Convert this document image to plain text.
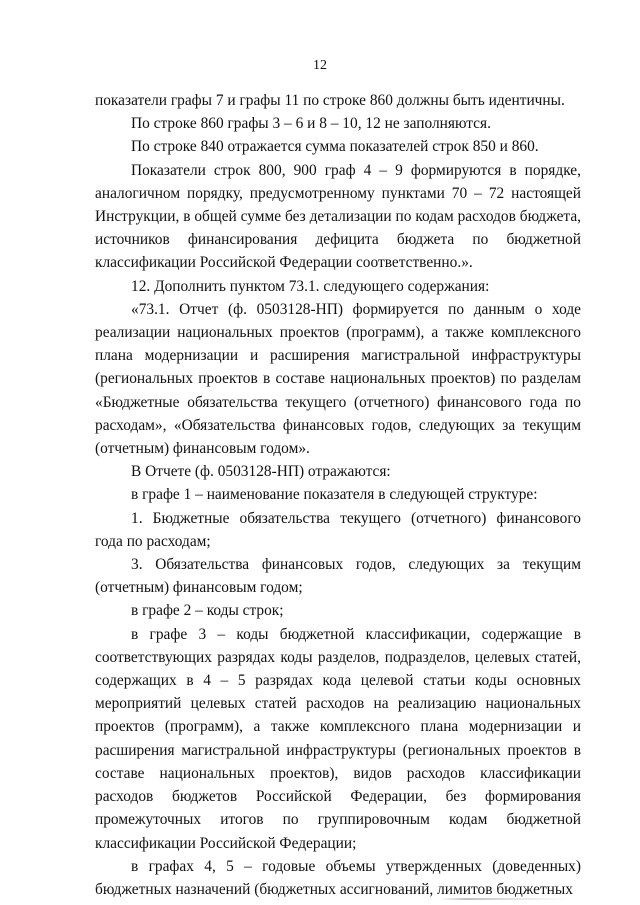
12

показатели графы 7 и графы 11 по строке 860 должны быть идентичны.

По строке 860 графы 3 – 6 и 8 – 10, 12 не заполняются.

По строке 840 отражается сумма показателей строк 850 и 860.

Показатели строк 800, 900 граф 4 – 9 формируются в порядке, аналогичном порядку, предусмотренному пунктами 70 – 72 настоящей Инструкции, в общей сумме без детализации по кодам расходов бюджета, источников финансирования дефицита бюджета по бюджетной классификации Российской Федерации соответственно.».

12. Дополнить пунктом 73.1. следующего содержания:

«73.1. Отчет (ф. 0503128-НП) формируется по данным о ходе реализации национальных проектов (программ), а также комплексного плана модернизации и расширения магистральной инфраструктуры (региональных проектов в составе национальных проектов) по разделам «Бюджетные обязательства текущего (отчетного) финансового года по расходам», «Обязательства финансовых годов, следующих за текущим (отчетным) финансовым годом».

В Отчете (ф. 0503128-НП) отражаются:

в графе 1 – наименование показателя в следующей структуре:

1. Бюджетные обязательства текущего (отчетного) финансового года по расходам;

3. Обязательства финансовых годов, следующих за текущим (отчетным) финансовым годом;

в графе 2 – коды строк;

в графе 3 – коды бюджетной классификации, содержащие в соответствующих разрядах коды разделов, подразделов, целевых статей, содержащих в 4 – 5 разрядах кода целевой статьи коды основных мероприятий целевых статей расходов на реализацию национальных проектов (программ), а также комплексного плана модернизации и расширения магистральной инфраструктуры (региональных проектов в составе национальных проектов), видов расходов классификации расходов бюджетов Российской Федерации, без формирования промежуточных итогов по группировочным кодам бюджетной классификации Российской Федерации;

в графах 4, 5 – годовые объемы утвержденных (доведенных) бюджетных назначений (бюджетных ассигнований, лимитов бюджетных
